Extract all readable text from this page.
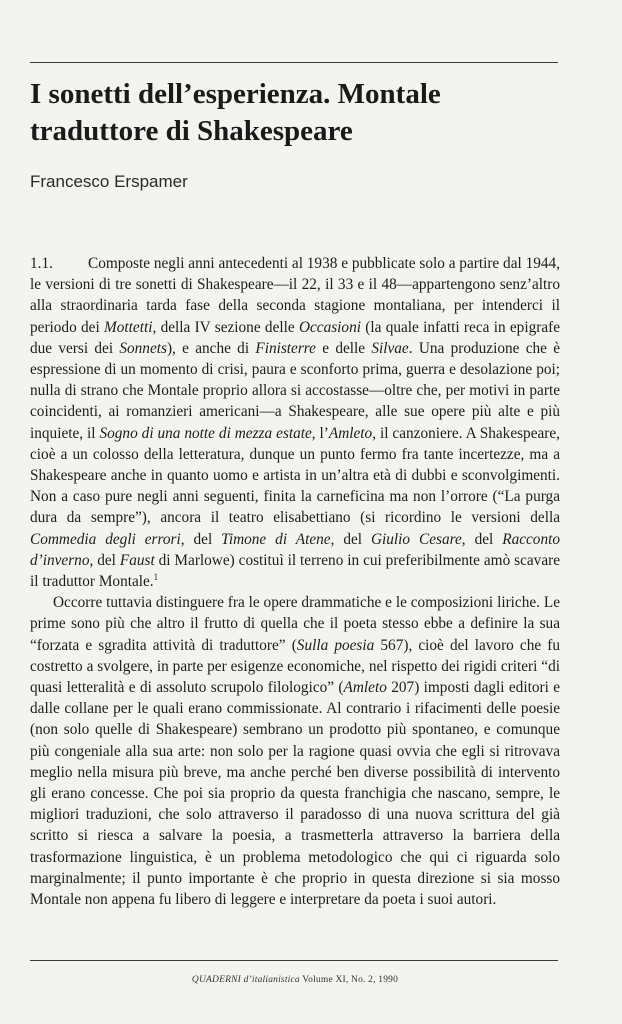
I sonetti dell’esperienza. Montale traduttore di Shakespeare
Francesco Erspamer

1.1. Composte negli anni antecedenti al 1938 e pubblicate solo a partire dal 1944, le versioni di tre sonetti di Shakespeare—il 22, il 33 e il 48—appartengono senz’altro alla straordinaria tarda fase della seconda stagione montaliana, per intenderci il periodo dei Mottetti, della IV sezione delle Occasioni (la quale infatti reca in epigrafe due versi dei Sonnets), e anche di Finisterre e delle Silvae. Una produzione che è espressione di un momento di crisi, paura e sconforto prima, guerra e desolazione poi; nulla di strano che Montale proprio allora si accostasse—oltre che, per motivi in parte coincidenti, ai romanzieri americani—a Shakespeare, alle sue opere più alte e più inquiete, il Sogno di una notte di mezza estate, l’Amleto, il canzoniere. A Shakespeare, cioè a un colosso della letteratura, dunque un punto fermo fra tante incertezze, ma a Shakespeare anche in quanto uomo e artista in un’altra età di dubbi e sconvolgimenti. Non a caso pure negli anni seguenti, finita la carneficina ma non l’orrore (“La purga dura da sempre”), ancora il teatro elisabettiano (si ricordino le versioni della Commedia degli errori, del Timone di Atene, del Giulio Cesare, del Racconto d’inverno, del Faust di Marlowe) costituì il terreno in cui preferibilmente amò scavare il traduttor Montale.$^1$

Occorre tuttavia distinguere fra le opere drammatiche e le composizioni liriche. Le prime sono più che altro il frutto di quella che il poeta stesso ebbe a definire la sua “forzata e sgradita attività di traduttore” (Sulla poesia 567), cioè del lavoro che fu costretto a svolgere, in parte per esigenze economiche, nel rispetto dei rigidi criteri “di quasi letteralità e di assoluto scrupolo filologico” (Amleto 207) imposti dagli editori e dalle collane per le quali erano commissionate. Al contrario i rifacimenti delle poesie (non solo quelle di Shakespeare) sembrano un prodotto più spontaneo, e comunque più congeniale alla sua arte: non solo per la ragione quasi ovvia che egli si ritrovava meglio nella misura più breve, ma anche perché ben diverse possibilità di intervento gli erano concesse. Che poi sia proprio da questa franchigia che nascano, sempre, le migliori traduzioni, che solo attraverso il paradosso di una nuova scrittura del già scritto si riesca a salvare la poesia, a trasmetterla attraverso la barriera della trasformazione linguistica, è un problema metodologico che qui ci riguarda solo marginalmente; il punto importante è che proprio in questa direzione si sia mosso Montale non appena fu libero di leggere e interpretare da poeta i suoi autori.

QUADERNI d’italianistica Volume XI, No. 2, 1990
